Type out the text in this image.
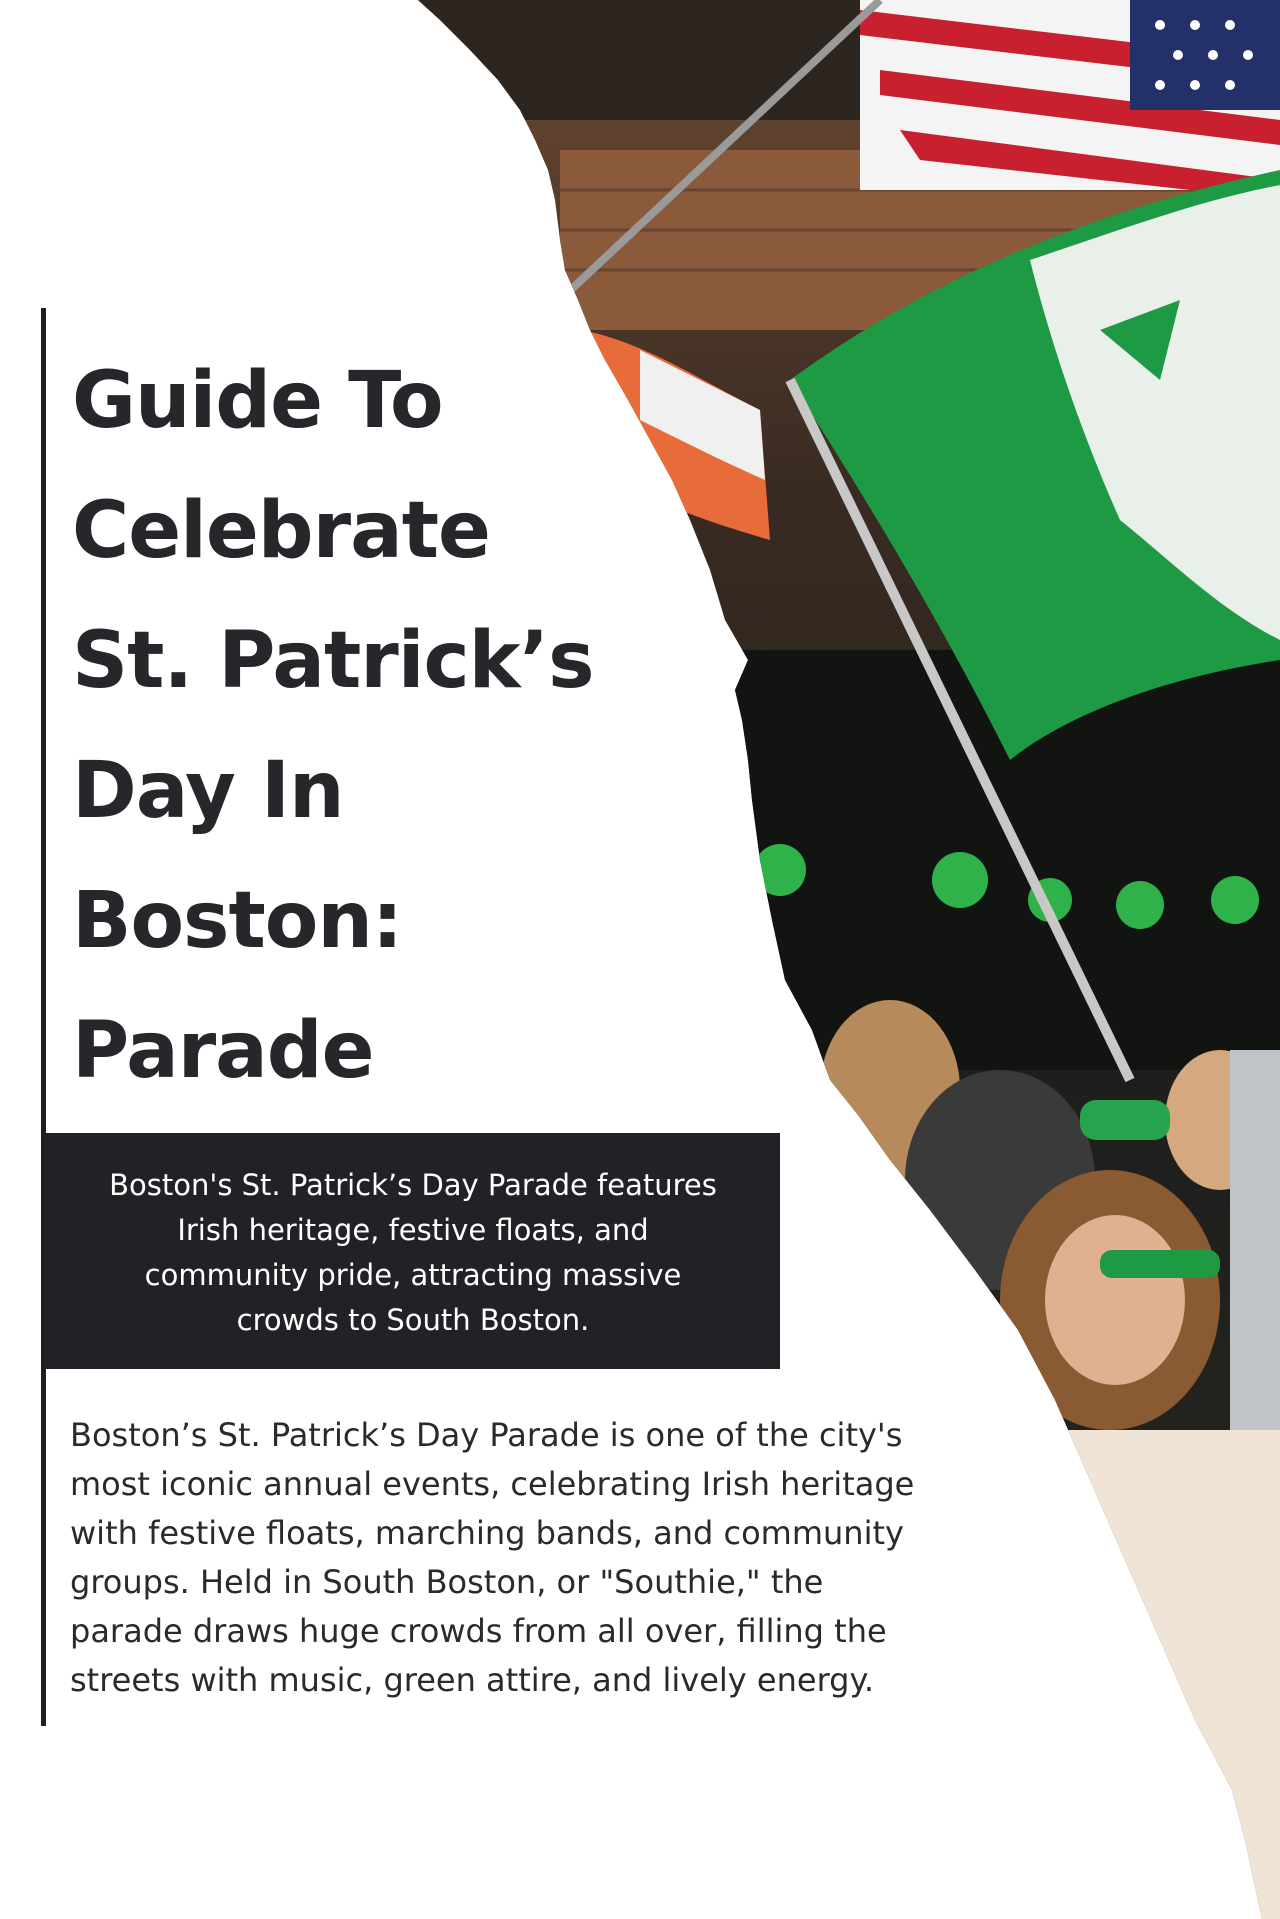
Guide To
Celebrate
St. Patrick’s
Day In
Boston:
Parade
Boston's St. Patrick’s Day Parade features
Irish heritage, festive floats, and
community pride, attracting massive
crowds to South Boston.

Boston’s St. Patrick’s Day Parade is one of the city's
most iconic annual events, celebrating Irish heritage
with festive floats, marching bands, and community
groups. Held in South Boston, or "Southie," the
parade draws huge crowds from all over, filling the
streets with music, green attire, and lively energy.
